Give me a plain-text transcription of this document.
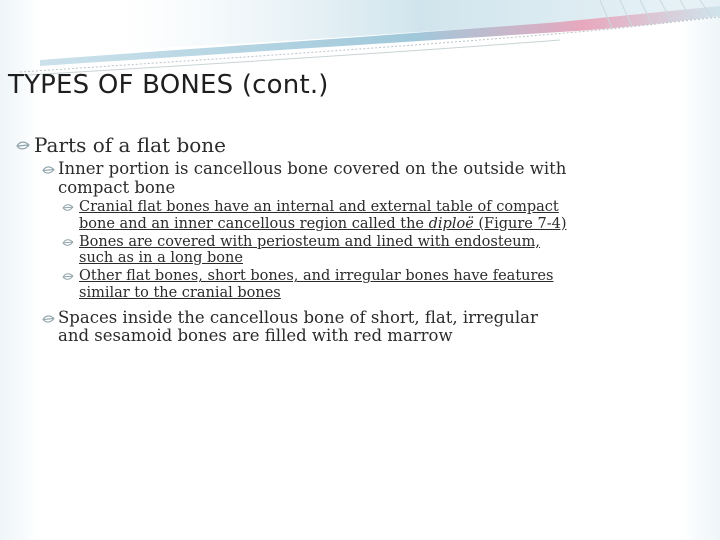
TYPES OF BONES (cont.)
Parts of a flat bone
Inner portion is cancellous bone covered on the outside with compact bone
Cranial flat bones have an internal and external table of compact bone and an inner cancellous region called the diploë (Figure 7-4)
Bones are covered with periosteum and lined with endosteum, such as in a long bone
Other flat bones, short bones, and irregular bones have features similar to the cranial bones
Spaces inside the cancellous bone of short, flat, irregular and sesamoid bones are filled with red marrow
